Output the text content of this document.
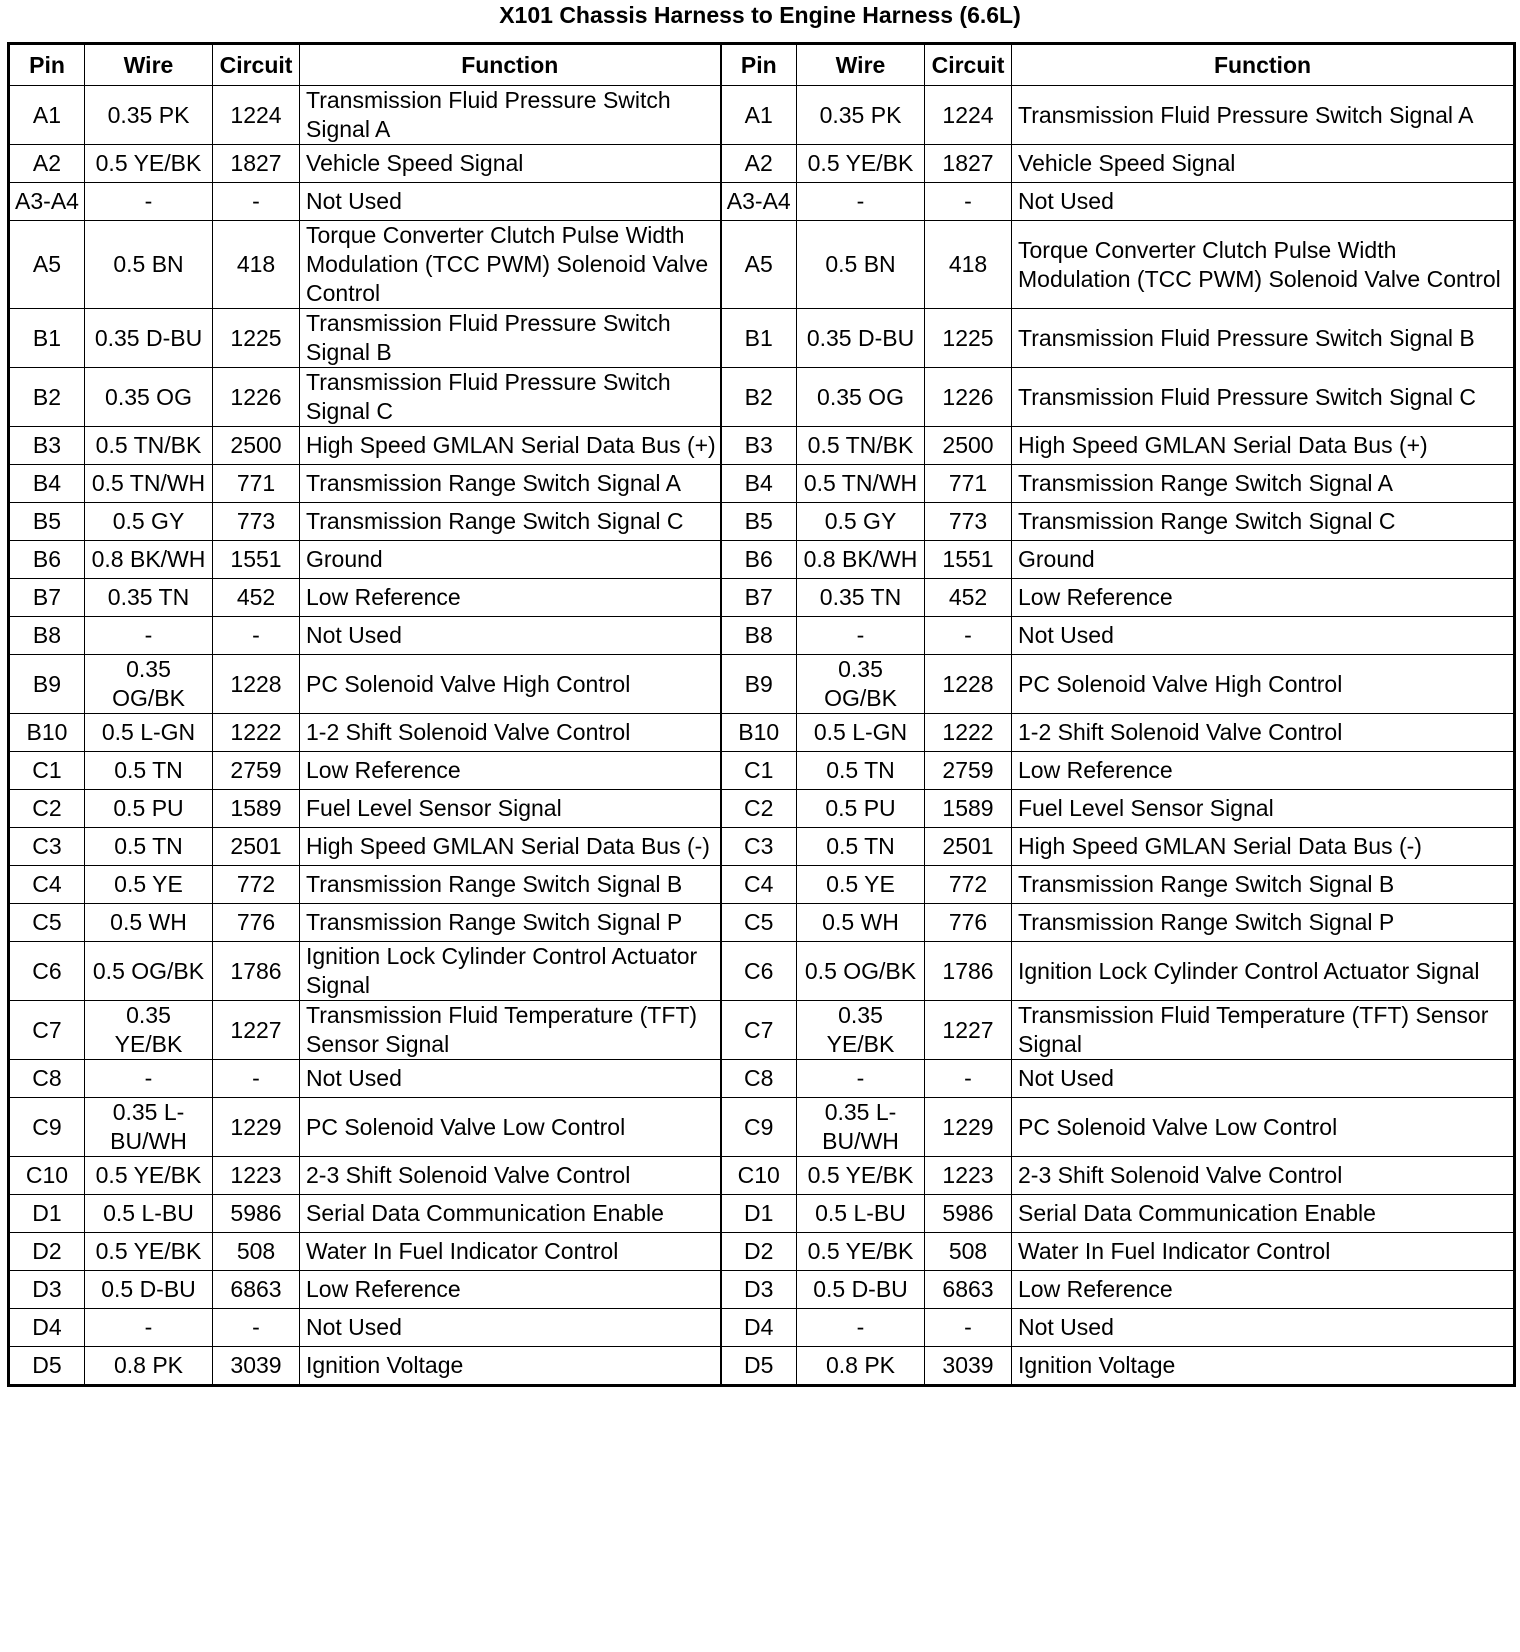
X101 Chassis Harness to Engine Harness (6.6L)
Pin	Wire	Circuit	Function	Pin	Wire	Circuit	Function
A1	0.35 PK	1224	Transmission Fluid Pressure Switch Signal A	A1	0.35 PK	1224	Transmission Fluid Pressure Switch Signal A
A2	0.5 YE/BK	1827	Vehicle Speed Signal	A2	0.5 YE/BK	1827	Vehicle Speed Signal
A3-A4	-	-	Not Used	A3-A4	-	-	Not Used
A5	0.5 BN	418	Torque Converter Clutch Pulse Width Modulation (TCC PWM) Solenoid Valve Control	A5	0.5 BN	418	Torque Converter Clutch Pulse Width Modulation (TCC PWM) Solenoid Valve Control
B1	0.35 D-BU	1225	Transmission Fluid Pressure Switch Signal B	B1	0.35 D-BU	1225	Transmission Fluid Pressure Switch Signal B
B2	0.35 OG	1226	Transmission Fluid Pressure Switch Signal C	B2	0.35 OG	1226	Transmission Fluid Pressure Switch Signal C
B3	0.5 TN/BK	2500	High Speed GMLAN Serial Data Bus (+)	B3	0.5 TN/BK	2500	High Speed GMLAN Serial Data Bus (+)
B4	0.5 TN/WH	771	Transmission Range Switch Signal A	B4	0.5 TN/WH	771	Transmission Range Switch Signal A
B5	0.5 GY	773	Transmission Range Switch Signal C	B5	0.5 GY	773	Transmission Range Switch Signal C
B6	0.8 BK/WH	1551	Ground	B6	0.8 BK/WH	1551	Ground
B7	0.35 TN	452	Low Reference	B7	0.35 TN	452	Low Reference
B8	-	-	Not Used	B8	-	-	Not Used
B9	0.35 OG/BK	1228	PC Solenoid Valve High Control	B9	0.35 OG/BK	1228	PC Solenoid Valve High Control
B10	0.5 L-GN	1222	1-2 Shift Solenoid Valve Control	B10	0.5 L-GN	1222	1-2 Shift Solenoid Valve Control
C1	0.5 TN	2759	Low Reference	C1	0.5 TN	2759	Low Reference
C2	0.5 PU	1589	Fuel Level Sensor Signal	C2	0.5 PU	1589	Fuel Level Sensor Signal
C3	0.5 TN	2501	High Speed GMLAN Serial Data Bus (-)	C3	0.5 TN	2501	High Speed GMLAN Serial Data Bus (-)
C4	0.5 YE	772	Transmission Range Switch Signal B	C4	0.5 YE	772	Transmission Range Switch Signal B
C5	0.5 WH	776	Transmission Range Switch Signal P	C5	0.5 WH	776	Transmission Range Switch Signal P
C6	0.5 OG/BK	1786	Ignition Lock Cylinder Control Actuator Signal	C6	0.5 OG/BK	1786	Ignition Lock Cylinder Control Actuator Signal
C7	0.35 YE/BK	1227	Transmission Fluid Temperature (TFT) Sensor Signal	C7	0.35 YE/BK	1227	Transmission Fluid Temperature (TFT) Sensor Signal
C8	-	-	Not Used	C8	-	-	Not Used
C9	0.35 L-BU/WH	1229	PC Solenoid Valve Low Control	C9	0.35 L-BU/WH	1229	PC Solenoid Valve Low Control
C10	0.5 YE/BK	1223	2-3 Shift Solenoid Valve Control	C10	0.5 YE/BK	1223	2-3 Shift Solenoid Valve Control
D1	0.5 L-BU	5986	Serial Data Communication Enable	D1	0.5 L-BU	5986	Serial Data Communication Enable
D2	0.5 YE/BK	508	Water In Fuel Indicator Control	D2	0.5 YE/BK	508	Water In Fuel Indicator Control
D3	0.5 D-BU	6863	Low Reference	D3	0.5 D-BU	6863	Low Reference
D4	-	-	Not Used	D4	-	-	Not Used
D5	0.8 PK	3039	Ignition Voltage	D5	0.8 PK	3039	Ignition Voltage
